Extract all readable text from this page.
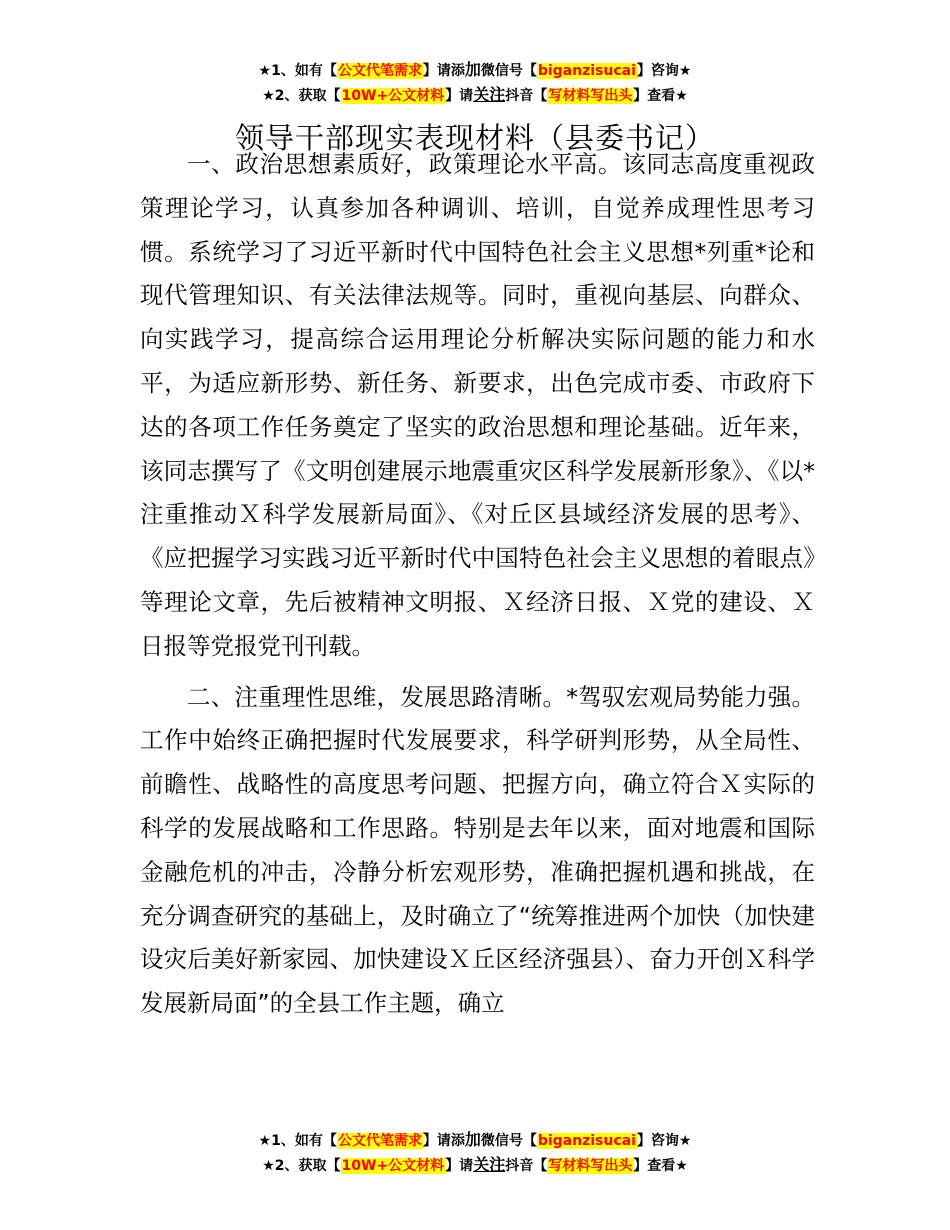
★1、如有【公文代笔需求】请添加微信号【biganzisucai】咨询★
★2、获取【10W+公文材料】请关注抖音【写材料写出头】查看★
领导干部现实表现材料（县委书记）

一、政治思想素质好，政策理论水平高。该同志高度重视政策理论学习，认真参加各种调训、培训，自觉养成理性思考习惯。系统学习了习近平新时代中国特色社会主义思想*列重*论和现代管理知识、有关法律法规等。同时，重视向基层、向群众、向实践学习，提高综合运用理论分析解决实际问题的能力和水平，为适应新形势、新任务、新要求，出色完成市委、市政府下达的各项工作任务奠定了坚实的政治思想和理论基础。近年来，该同志撰写了《文明创建展示地震重灾区科学发展新形象》、《以*注重推动Ｘ科学发展新局面》、《对丘区县域经济发展的思考》、《应把握学习实践习近平新时代中国特色社会主义思想的着眼点》等理论文章，先后被精神文明报、Ｘ经济日报、Ｘ党的建设、Ｘ日报等党报党刊刊载。

二、注重理性思维，发展思路清晰。*驾驭宏观局势能力强。工作中始终正确把握时代发展要求，科学研判形势，从全局性、前瞻性、战略性的高度思考问题、把握方向，确立符合Ｘ实际的科学的发展战略和工作思路。特别是去年以来，面对地震和国际金融危机的冲击，冷静分析宏观形势，准确把握机遇和挑战，在充分调查研究的基础上，及时确立了“统筹推进两个加快（加快建设灾后美好新家园、加快建设Ｘ丘区经济强县）、奋力开创Ｘ科学发展新局面”的全县工作主题，确立

★1、如有【公文代笔需求】请添加微信号【biganzisucai】咨询★
★2、获取【10W+公文材料】请关注抖音【写材料写出头】查看★
